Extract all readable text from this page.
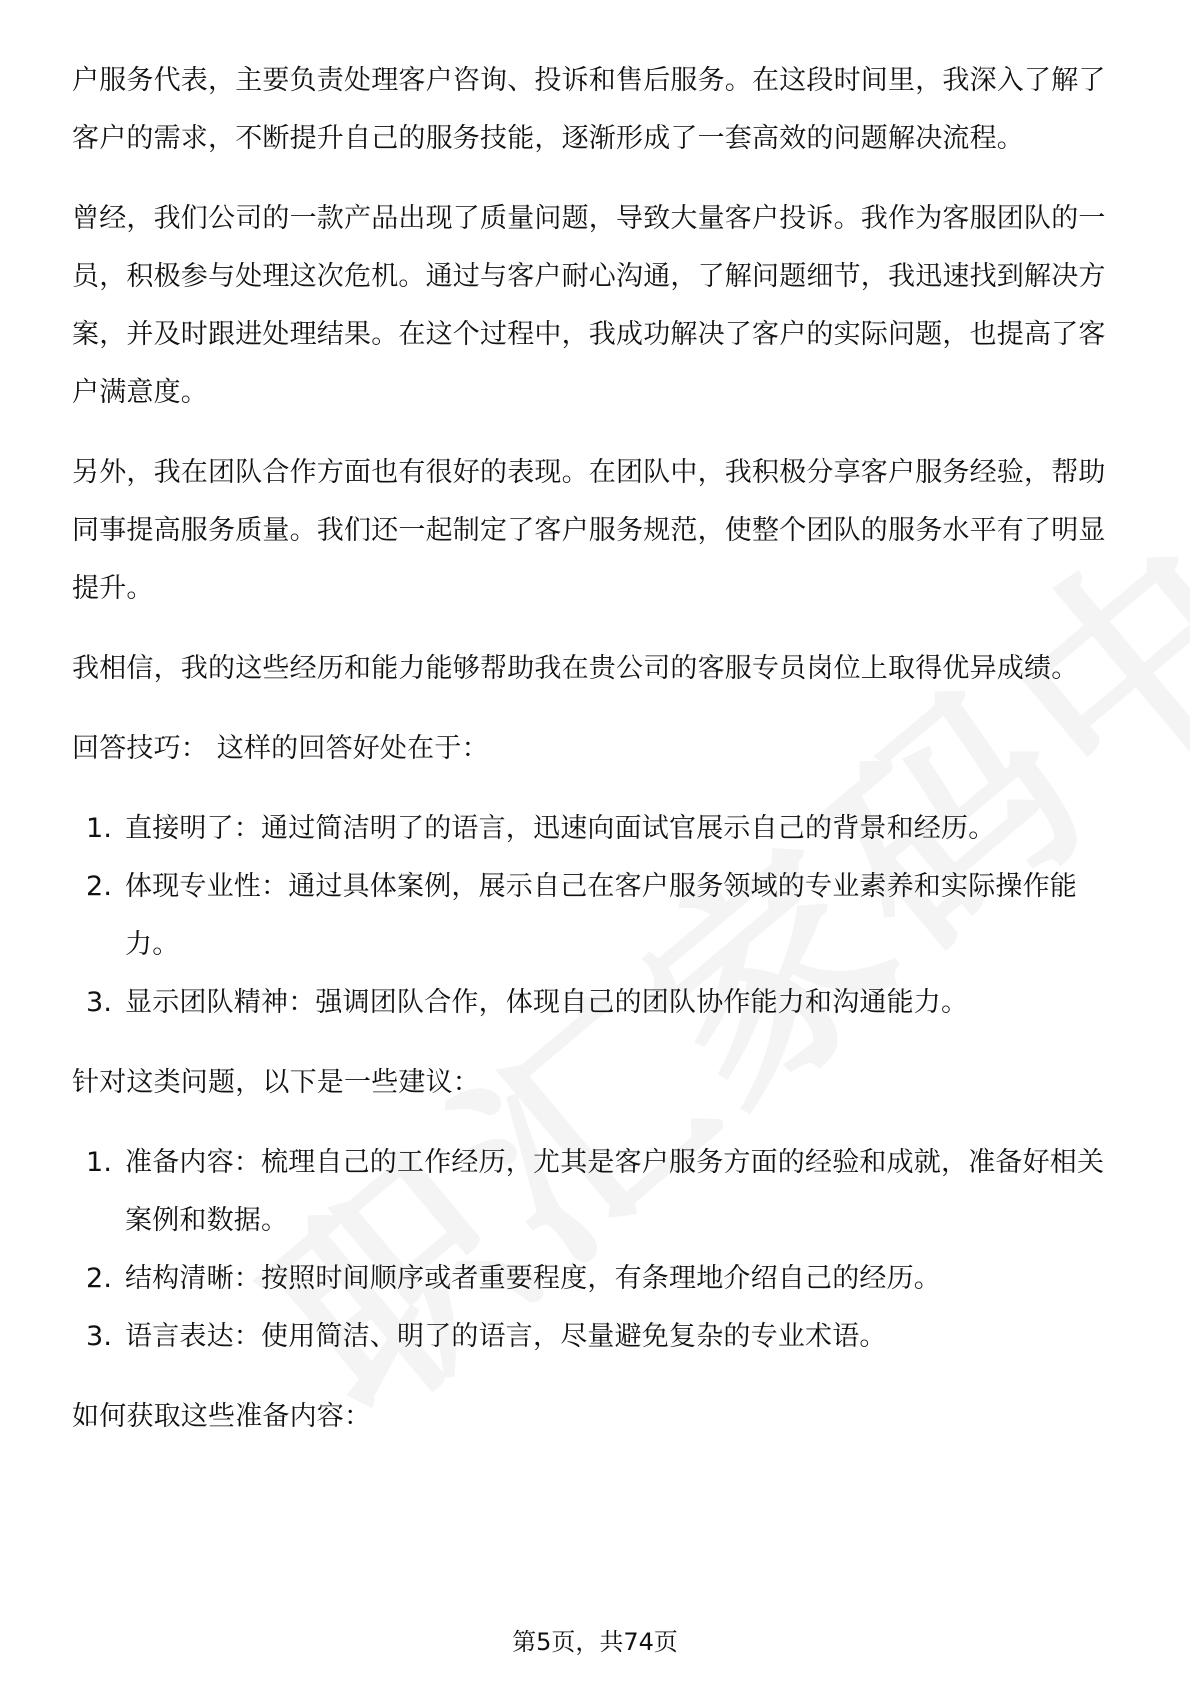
户服务代表，主要负责处理客户咨询、投诉和售后服务。在这段时间里，我深入了解了客户的需求，不断提升自己的服务技能，逐渐形成了一套高效的问题解决流程。

曾经，我们公司的一款产品出现了质量问题，导致大量客户投诉。我作为客服团队的一员，积极参与处理这次危机。通过与客户耐心沟通，了解问题细节，我迅速找到解决方案，并及时跟进处理结果。在这个过程中，我成功解决了客户的实际问题，也提高了客户满意度。

另外，我在团队合作方面也有很好的表现。在团队中，我积极分享客户服务经验，帮助同事提高服务质量。我们还一起制定了客户服务规范，使整个团队的服务水平有了明显提升。

我相信，我的这些经历和能力能够帮助我在贵公司的客服专员岗位上取得优异成绩。

回答技巧： 这样的回答好处在于：

1. 直接明了：通过简洁明了的语言，迅速向面试官展示自己的背景和经历。
2. 体现专业性：通过具体案例，展示自己在客户服务领域的专业素养和实际操作能力。
3. 显示团队精神：强调团队合作，体现自己的团队协作能力和沟通能力。

针对这类问题，以下是一些建议：

1. 准备内容：梳理自己的工作经历，尤其是客户服务方面的经验和成就，准备好相关案例和数据。
2. 结构清晰：按照时间顺序或者重要程度，有条理地介绍自己的经历。
3. 语言表达：使用简洁、明了的语言，尽量避免复杂的专业术语。

如何获取这些准备内容：

第5页，共74页
